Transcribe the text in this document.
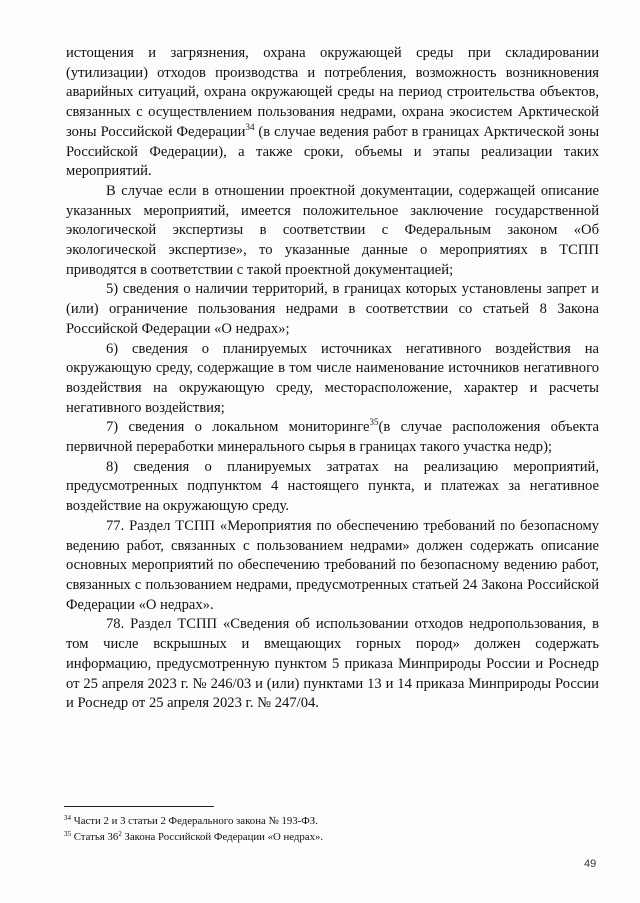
истощения и загрязнения, охрана окружающей среды при складировании (утилизации) отходов производства и потребления, возможность возникновения аварийных ситуаций, охрана окружающей среды на период строительства объектов, связанных с осуществлением пользования недрами, охрана экосистем Арктической зоны Российской Федерации$^{34}$ (в случае ведения работ в границах Арктической зоны Российской Федерации), а также сроки, объемы и этапы реализации таких мероприятий.

В случае если в отношении проектной документации, содержащей описание указанных мероприятий, имеется положительное заключение государственной экологической экспертизы в соответствии с Федеральным законом «Об экологической экспертизе», то указанные данные о мероприятиях в ТСПП приводятся в соответствии с такой проектной документацией;

5) сведения о наличии территорий, в границах которых установлены запрет и (или) ограничение пользования недрами в соответствии со статьей 8 Закона Российской Федерации «О недрах»;

6) сведения о планируемых источниках негативного воздействия на окружающую среду, содержащие в том числе наименование источников негативного воздействия на окружающую среду, месторасположение, характер и расчеты негативного воздействия;

7) сведения о локальном мониторинге$^{35}$(в случае расположения объекта первичной переработки минерального сырья в границах такого участка недр);

8) сведения о планируемых затратах на реализацию мероприятий, предусмотренных подпунктом 4 настоящего пункта, и платежах за негативное воздействие на окружающую среду.

77. Раздел ТСПП «Мероприятия по обеспечению требований по безопасному ведению работ, связанных с пользованием недрами» должен содержать описание основных мероприятий по обеспечению требований по безопасному ведению работ, связанных с пользованием недрами, предусмотренных статьей 24 Закона Российской Федерации «О недрах».

78. Раздел ТСПП «Сведения об использовании отходов недропользования, в том числе вскрышных и вмещающих горных пород» должен содержать информацию, предусмотренную пунктом 5 приказа Минприроды России и Роснедр от 25 апреля 2023 г. № 246/03 и (или) пунктами 13 и 14 приказа Минприроды России и Роснедр от 25 апреля 2023 г. № 247/04.

$^{34}$ Части 2 и 3 статьи 2 Федерального закона № 193-ФЗ.

$^{35}$ Статья $36^2$ Закона Российской Федерации «О недрах».

49
